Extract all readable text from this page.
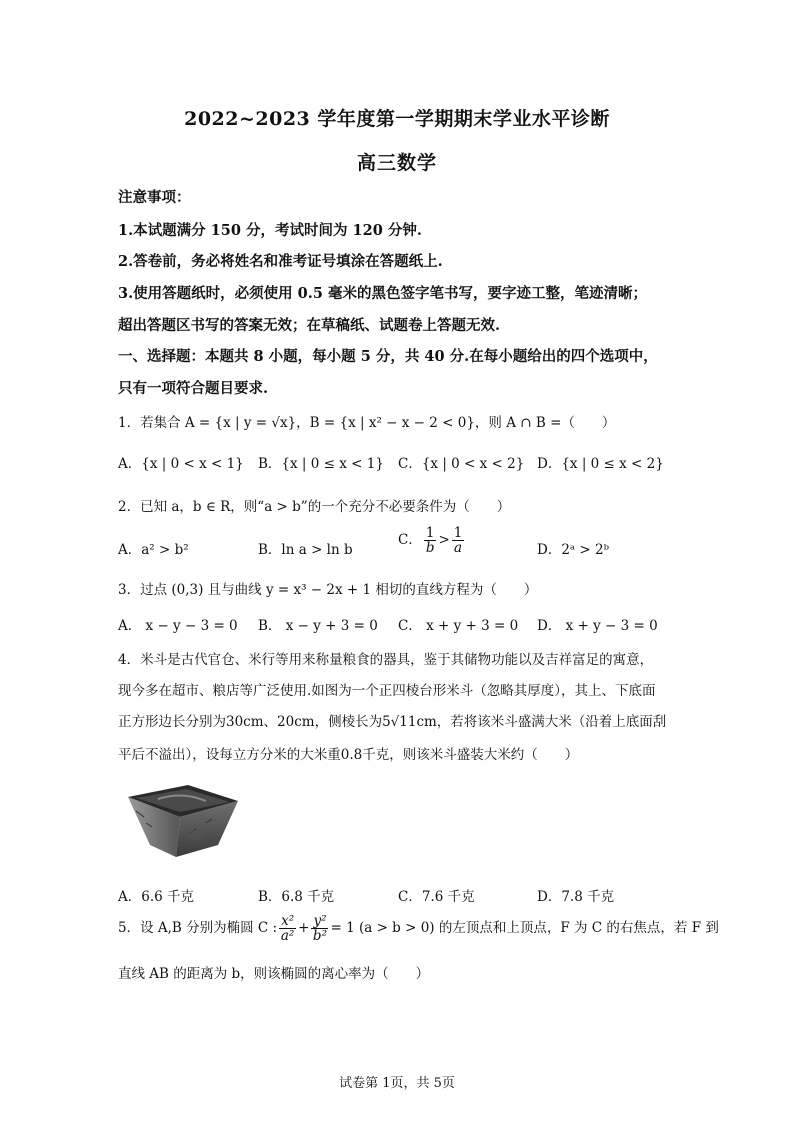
2022~2023 学年度第一学期期末学业水平诊断
高三数学
注意事项：
1.本试题满分 150 分，考试时间为 120 分钟.
2.答卷前，务必将姓名和准考证号填涂在答题纸上.
3.使用答题纸时，必须使用 0.5 毫米的黑色签字笔书写，要字迹工整，笔迹清晰；
超出答题区书写的答案无效；在草稿纸、试题卷上答题无效.
一、选择题：本题共 8 小题，每小题 5 分，共 40 分.在每小题给出的四个选项中，
只有一项符合题目要求.
1．若集合 A = {x | y = √x}，B = {x | x² − x − 2 < 0}，则 A ∩ B =（　　）
A．{x | 0 < x < 1} B．{x | 0 ≤ x < 1} C．{x | 0 < x < 2} D．{x | 0 ≤ x < 2}
2．已知 a，b ∈ R，则“a > b”的一个充分不必要条件为（　　）
A．a² > b²	B．ln a > ln b
C． $\frac{1}{b} > \frac{1}{a}$	D．2ᵃ > 2ᵇ
3．过点 (0,3) 且与曲线 y = x³ − 2x + 1 相切的直线方程为（　　）
A． x − y − 3 = 0 B． x − y + 3 = 0 C． x + y + 3 = 0 D． x + y − 3 = 0
4．米斗是古代官仓、米行等用来称量粮食的器具，鉴于其储物功能以及吉祥富足的寓意，
现今多在超市、粮店等广泛使用.如图为一个正四棱台形米斗（忽略其厚度），其上、下底面
正方形边长分别为30cm、20cm，侧棱长为5√11cm，若将该米斗盛满大米（沿着上底面刮
平后不溢出），设每立方分米的大米重0.8千克，则该米斗盛装大米约（　　）
A．6.6 千克	B．6.8 千克	C．7.6 千克	D．7.8 千克
5．设 A,B 分别为椭圆 C : $\frac{\text{x²}}{\text{a²}} + \frac{\text{y²}}{\text{b²}} = 1$ (a > b > 0) 的左顶点和上顶点，F 为 C 的右焦点，若 F 到
直线 AB 的距离为 b，则该椭圆的离心率为（　　）
试卷第 1页，共 5页
